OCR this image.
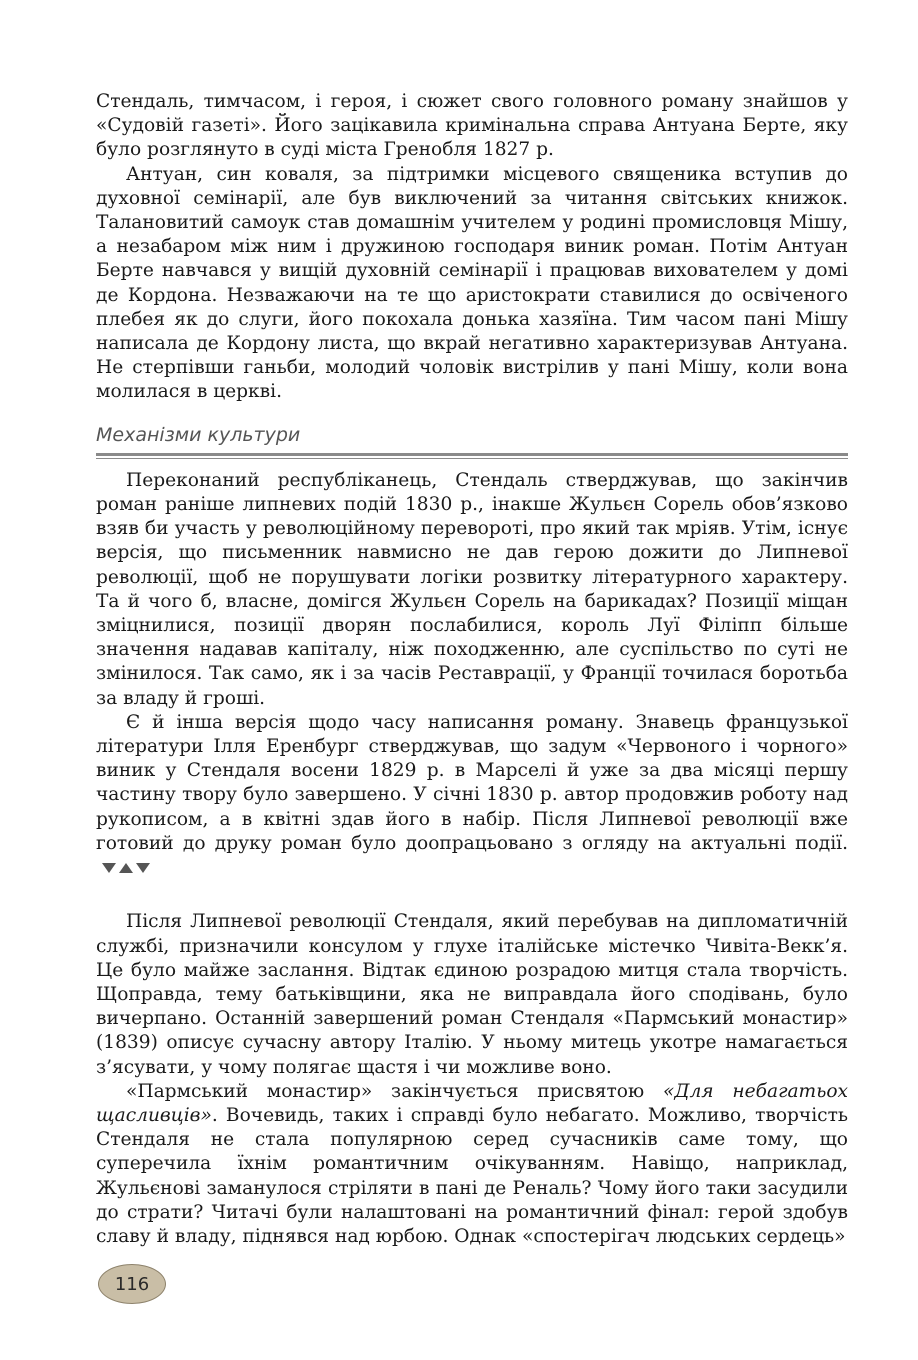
Стендаль, тимчасом, і героя, і сюжет свого головного роману знайшов у «Судовій газеті». Його зацікавила кримінальна справа Антуана Берте, яку було розглянуто в суді міста Гренобля 1827 р.

Антуан, син коваля, за підтримки місцевого священика вступив до духовної семінарії, але був виключений за читання світських книжок. Талановитий самоук став домашнім учителем у родині промисловця Мішу, а незабаром між ним і дружиною господаря виник роман. Потім Антуан Берте навчався у вищій духовній семінарії і працював вихователем у домі де Кордона. Незважаючи на те що аристократи ставилися до освіченого плебея як до слуги, його покохала донька хазяїна. Тим часом пані Мішу написала де Кордону листа, що вкрай негативно характеризував Антуана. Не стерпівши ганьби, молодий чоловік вистрілив у пані Мішу, коли вона молилася в церкві.

Механізми культури

Переконаний республіканець, Стендаль стверджував, що закінчив роман раніше липневих подій 1830 р., інакше Жульєн Сорель обов’язково взяв би участь у революційному перевороті, про який так мріяв. Утім, існує версія, що письменник навмисно не дав герою дожити до Липневої революції, щоб не порушувати логіки розвитку літературного характеру. Та й чого б, власне, домігся Жульєн Сорель на барикадах? Позиції міщан зміцнилися, позиції дворян послабилися, король Луї Філіпп більше значення надавав капіталу, ніж походженню, але суспільство по суті не змінилося. Так само, як і за часів Реставрації, у Франції точилася боротьба за владу й гроші.

Є й інша версія щодо часу написання роману. Знавець французької літератури Ілля Еренбург стверджував, що задум «Червоного і чорного» виник у Стендаля восени 1829 р. в Марселі й уже за два місяці першу частину твору було завершено. У січні 1830 р. автор продовжив роботу над рукописом, а в квітні здав його в набір. Після Липневої революції вже готовий до друку роман було доопрацьовано з огляду на актуальні події.

Після Липневої революції Стендаля, який перебував на дипломатичній службі, призначили консулом у глухе італійське містечко Чивіта-Векк’я. Це було майже заслання. Відтак єдиною розрадою митця стала творчість. Щоправда, тему батьківщини, яка не виправдала його сподівань, було вичерпано. Останній завершений роман Стендаля «Пармський монастир» (1839) описує сучасну автору Італію. У ньому митець укотре намагається з’ясувати, у чому полягає щастя і чи можливе воно.

«Пармський монастир» закінчується присвятою «Для небагатьох щасливців». Вочевидь, таких і справді було небагато. Можливо, творчість Стендаля не стала популярною серед сучасників саме тому, що суперечила їхнім романтичним очікуванням. Навіщо, наприклад, Жульєнові заманулося стріляти в пані де Реналь? Чому його таки засудили до страти? Читачі були налаштовані на романтичний фінал: герой здобув славу й владу, піднявся над юрбою. Однак «спостерігач людських сердець»

116
